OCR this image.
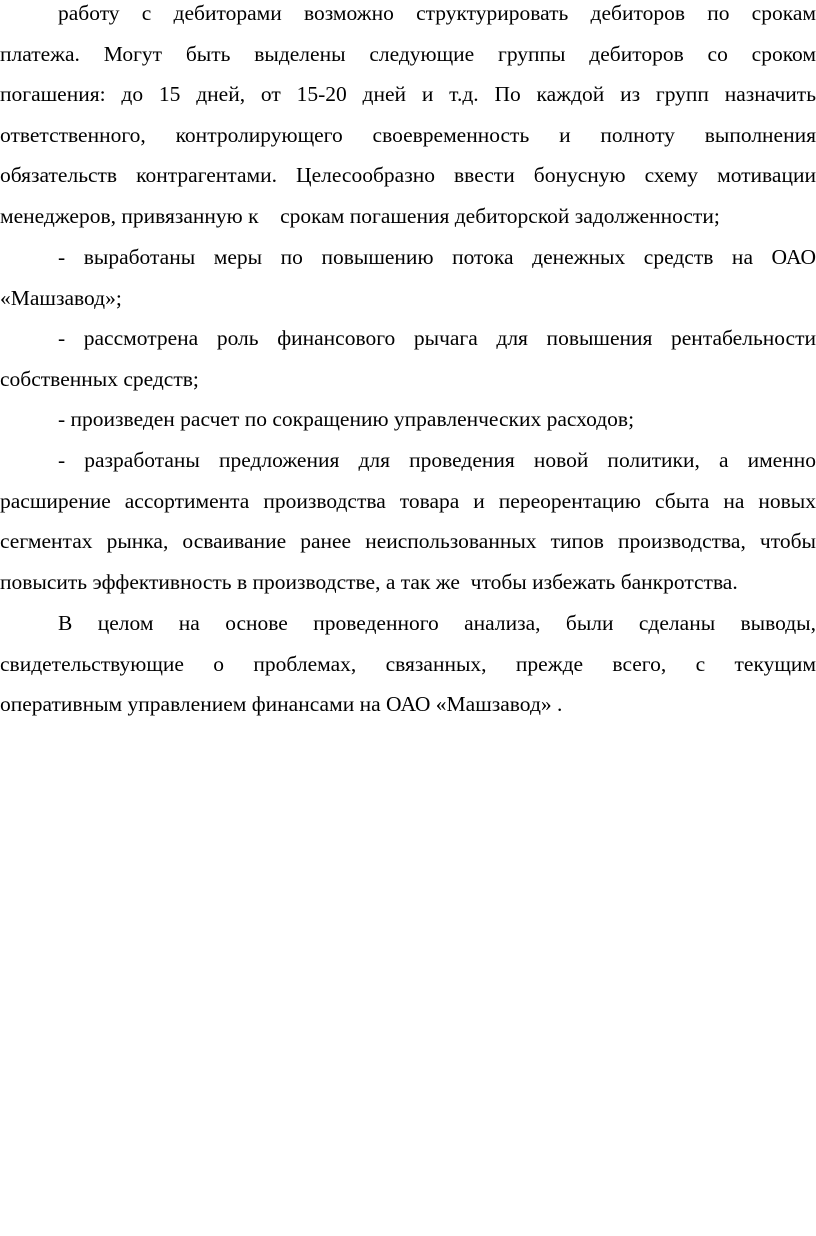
работу с дебиторами возможно структурировать дебиторов по срокам
платежа. Могут быть выделены следующие группы дебиторов со сроком
погашения: до 15 дней, от 15-20 дней и т.д. По каждой из групп назначить
ответственного, контролирующего своевременность и полноту выполнения
обязательств контрагентами. Целесообразно ввести бонусную схему мотивации
менеджеров, привязанную к    срокам погашения дебиторской задолженности;
- выработаны меры по повышению потока денежных средств на ОАО
«Машзавод»;
- рассмотрена роль финансового рычага для повышения рентабельности
собственных средств;
- произведен расчет по сокращению управленческих расходов;
- разработаны предложения для проведения новой политики, а именно
расширение ассортимента производства товара и переорентацию сбыта на новых
сегментах рынка, осваивание ранее неиспользованных типов производства, чтобы
повысить эффективность в производстве, а так же  чтобы избежать банкротства.
В целом на основе проведенного анализа, были сделаны выводы,
свидетельствующие о проблемах, связанных, прежде всего, с текущим
оперативным управлением финансами на ОАО «Машзавод» .
